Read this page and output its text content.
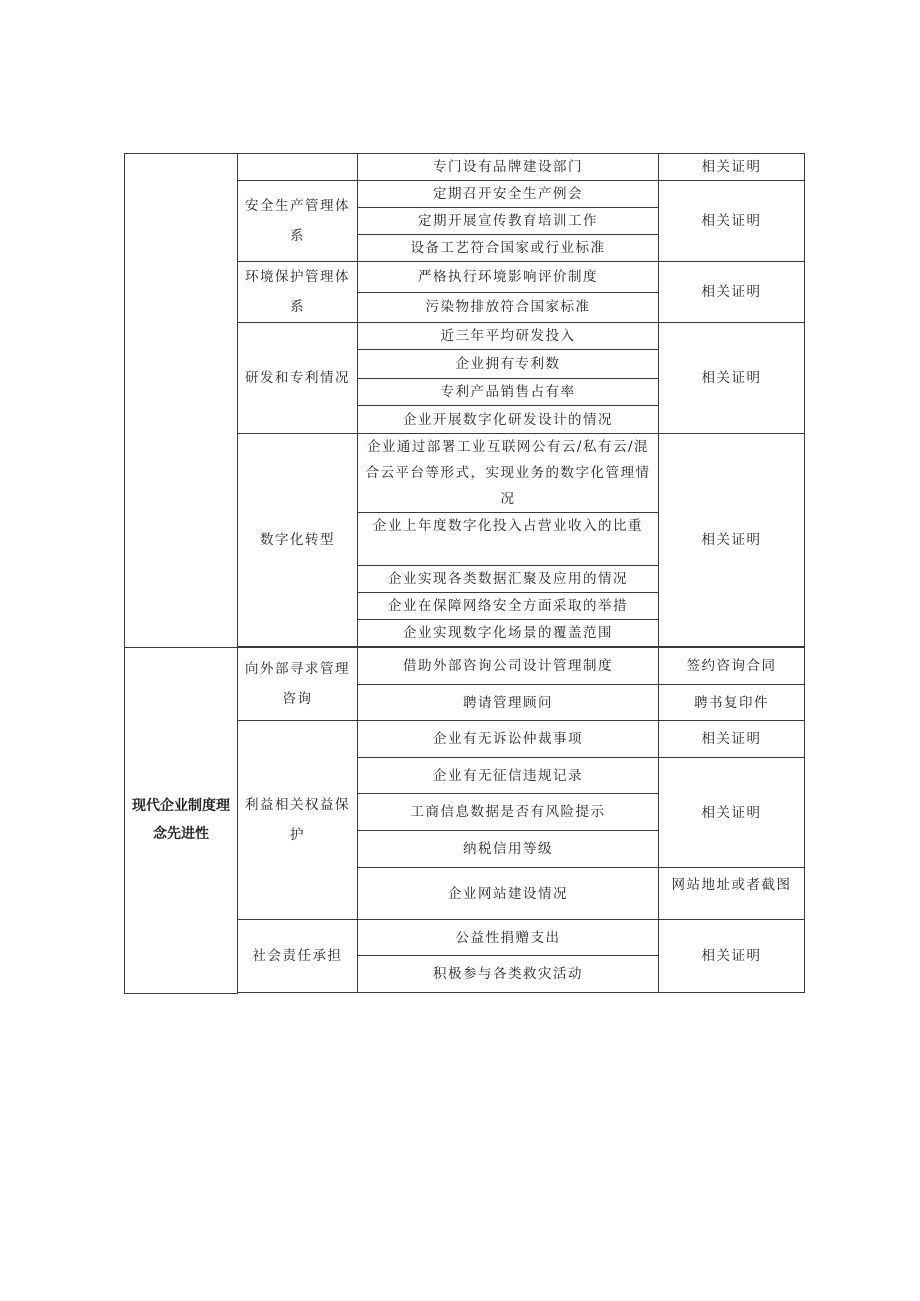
		专门设有品牌建设部门	相关证明
	安全生产管理体系	定期召开安全生产例会	相关证明
		定期开展宣传教育培训工作	
		设备工艺符合国家或行业标准	
	环境保护管理体系	严格执行环境影响评价制度	相关证明
		污染物排放符合国家标准	
	研发和专利情况	近三年平均研发投入	相关证明
		企业拥有专利数	
		专利产品销售占有率	
		企业开展数字化研发设计的情况	
	数字化转型	企业通过部署工业互联网公有云/私有云/混合云平台等形式，实现业务的数字化管理情况	相关证明
		企业上年度数字化投入占营业收入的比重	
		企业实现各类数据汇聚及应用的情况	
		企业在保障网络安全方面采取的举措	
		企业实现数字化场景的覆盖范围	

现代企业制度理念先进性	向外部寻求管理咨询	借助外部咨询公司设计管理制度	签约咨询合同
		聘请管理顾问	聘书复印件
	利益相关权益保护	企业有无诉讼仲裁事项	相关证明
		企业有无征信违规记录	相关证明
		工商信息数据是否有风险提示	
		纳税信用等级	
		企业网站建设情况	网站地址或者截图
	社会责任承担	公益性捐赠支出	相关证明
		积极参与各类救灾活动	
